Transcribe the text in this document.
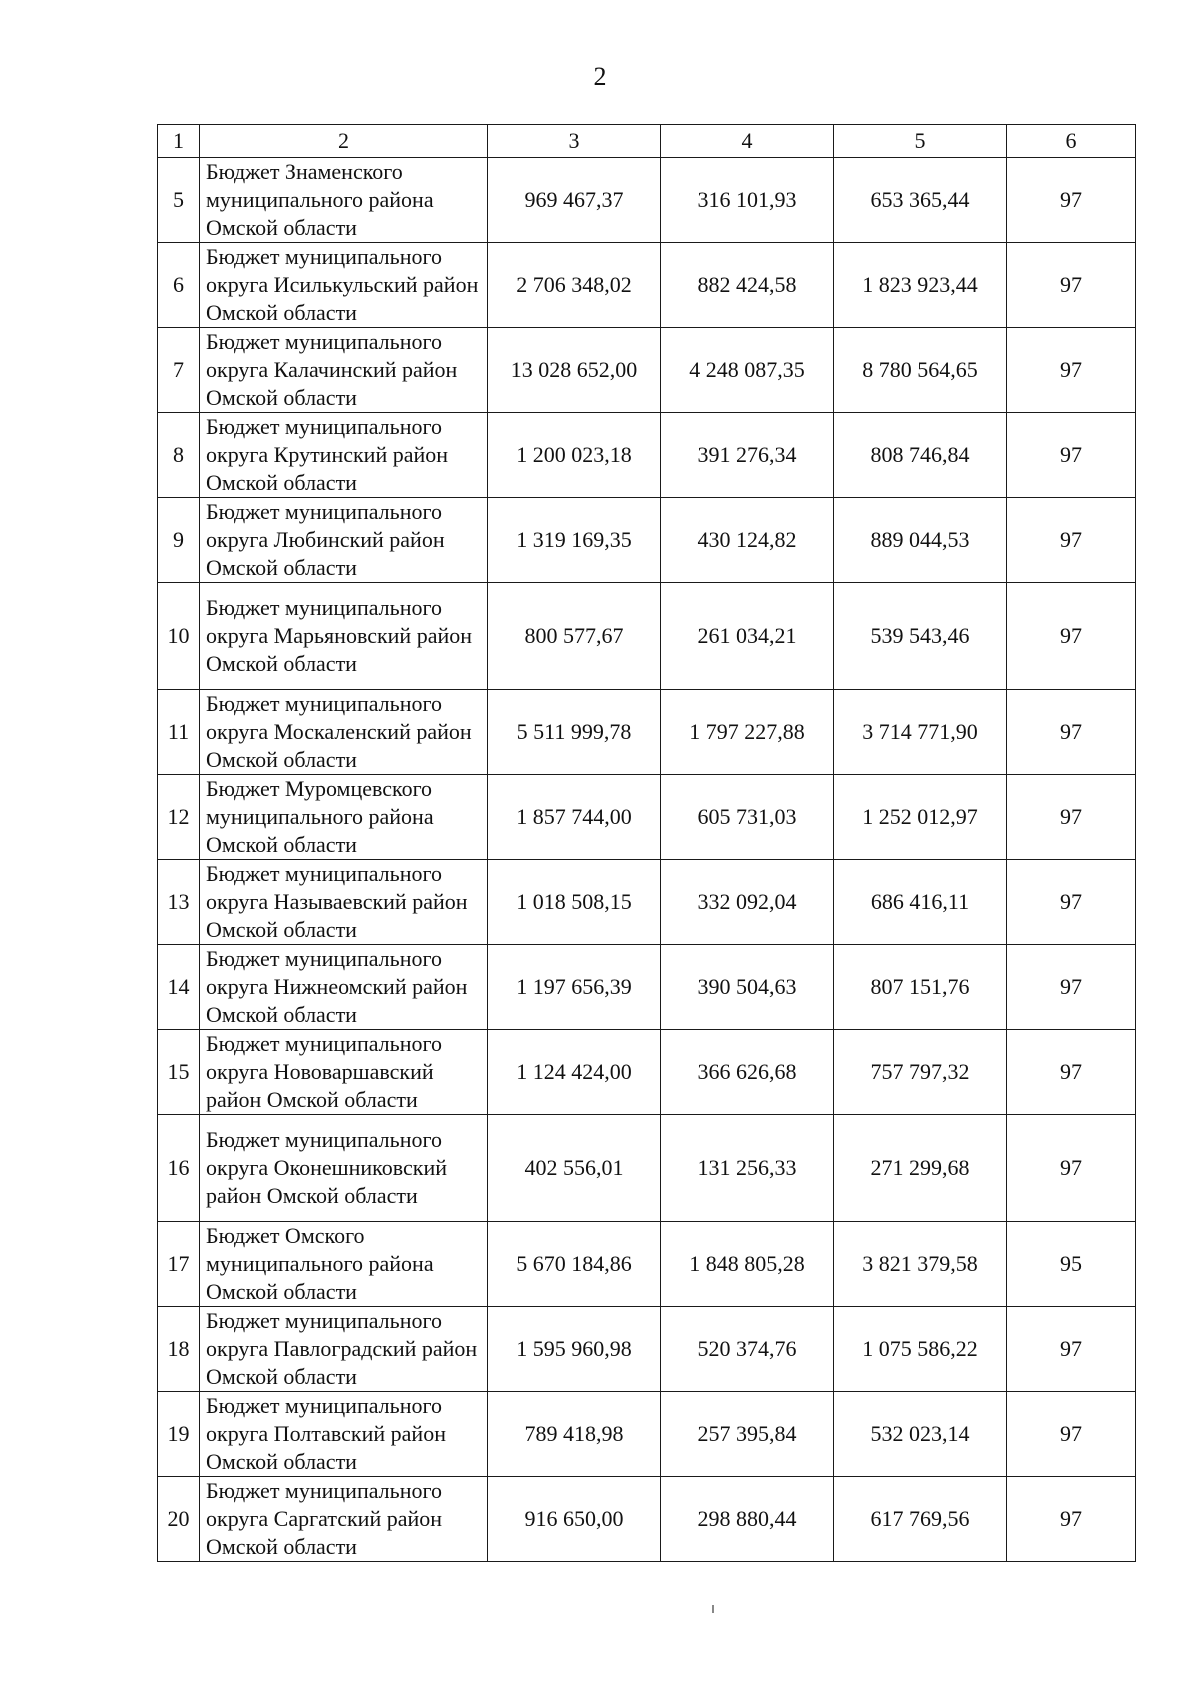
2
1	2	3	4	5	6
5	Бюджет Знаменского муниципального района Омской области	969 467,37	316 101,93	653 365,44	97
6	Бюджет муниципального округа Исилькульский район Омской области	2 706 348,02	882 424,58	1 823 923,44	97
7	Бюджет муниципального округа Калачинский район Омской области	13 028 652,00	4 248 087,35	8 780 564,65	97
8	Бюджет муниципального округа Крутинский район Омской области	1 200 023,18	391 276,34	808 746,84	97
9	Бюджет муниципального округа Любинский район Омской области	1 319 169,35	430 124,82	889 044,53	97
10	Бюджет муниципального округа Марьяновский район Омской области	800 577,67	261 034,21	539 543,46	97
11	Бюджет муниципального округа Москаленский район Омской области	5 511 999,78	1 797 227,88	3 714 771,90	97
12	Бюджет Муромцевского муниципального района Омской области	1 857 744,00	605 731,03	1 252 012,97	97
13	Бюджет муниципального округа Называевский район Омской области	1 018 508,15	332 092,04	686 416,11	97
14	Бюджет муниципального округа Нижнеомский район Омской области	1 197 656,39	390 504,63	807 151,76	97
15	Бюджет муниципального округа Нововаршавский район Омской области	1 124 424,00	366 626,68	757 797,32	97
16	Бюджет муниципального округа Оконешниковский район Омской области	402 556,01	131 256,33	271 299,68	97
17	Бюджет Омского муниципального района Омской области	5 670 184,86	1 848 805,28	3 821 379,58	95
18	Бюджет муниципального округа Павлоградский район Омской области	1 595 960,98	520 374,76	1 075 586,22	97
19	Бюджет муниципального округа Полтавский район Омской области	789 418,98	257 395,84	532 023,14	97
20	Бюджет муниципального округа Саргатский район Омской области	916 650,00	298 880,44	617 769,56	97
